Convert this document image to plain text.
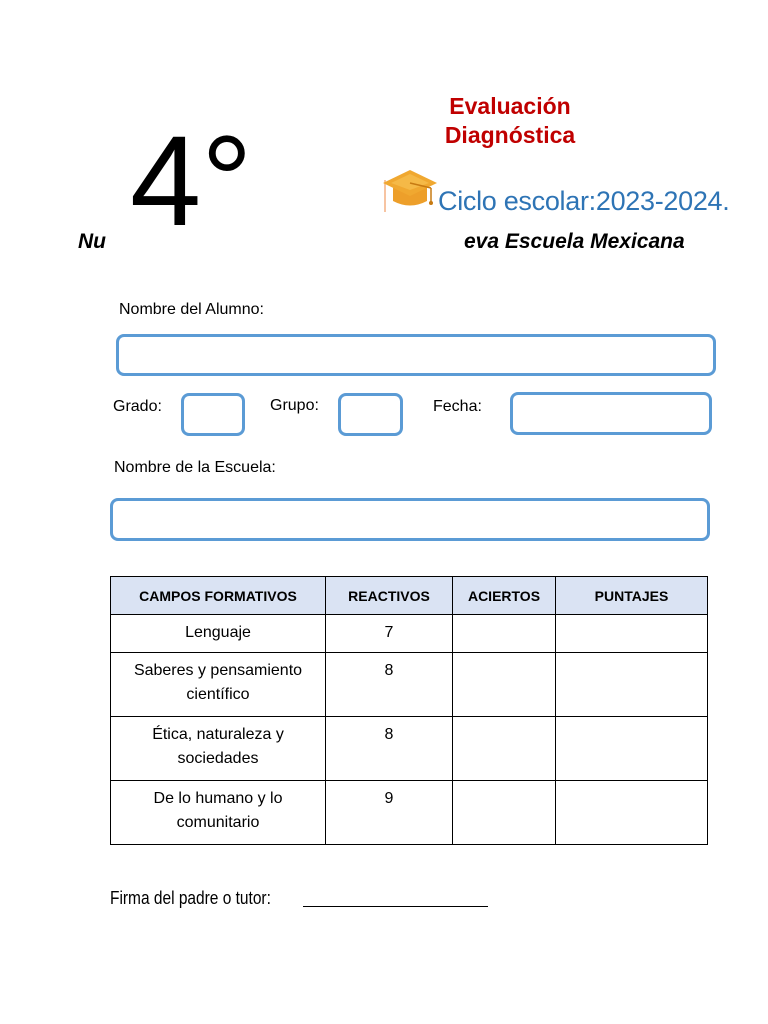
Evaluación
Diagnóstica
4°	Ciclo escolar:2023-2024.
Nu	eva Escuela Mexicana
Nombre del Alumno:
Grado:	Grupo:	Fecha:
Nombre de la Escuela:
CAMPOS FORMATIVOS	REACTIVOS	ACIERTOS	PUNTAJES
Lenguaje	7		
Saberes y pensamiento científico	8		
Ética, naturaleza y sociedades	8		
De lo humano y lo comunitario	9		
Firma del padre o tutor:
